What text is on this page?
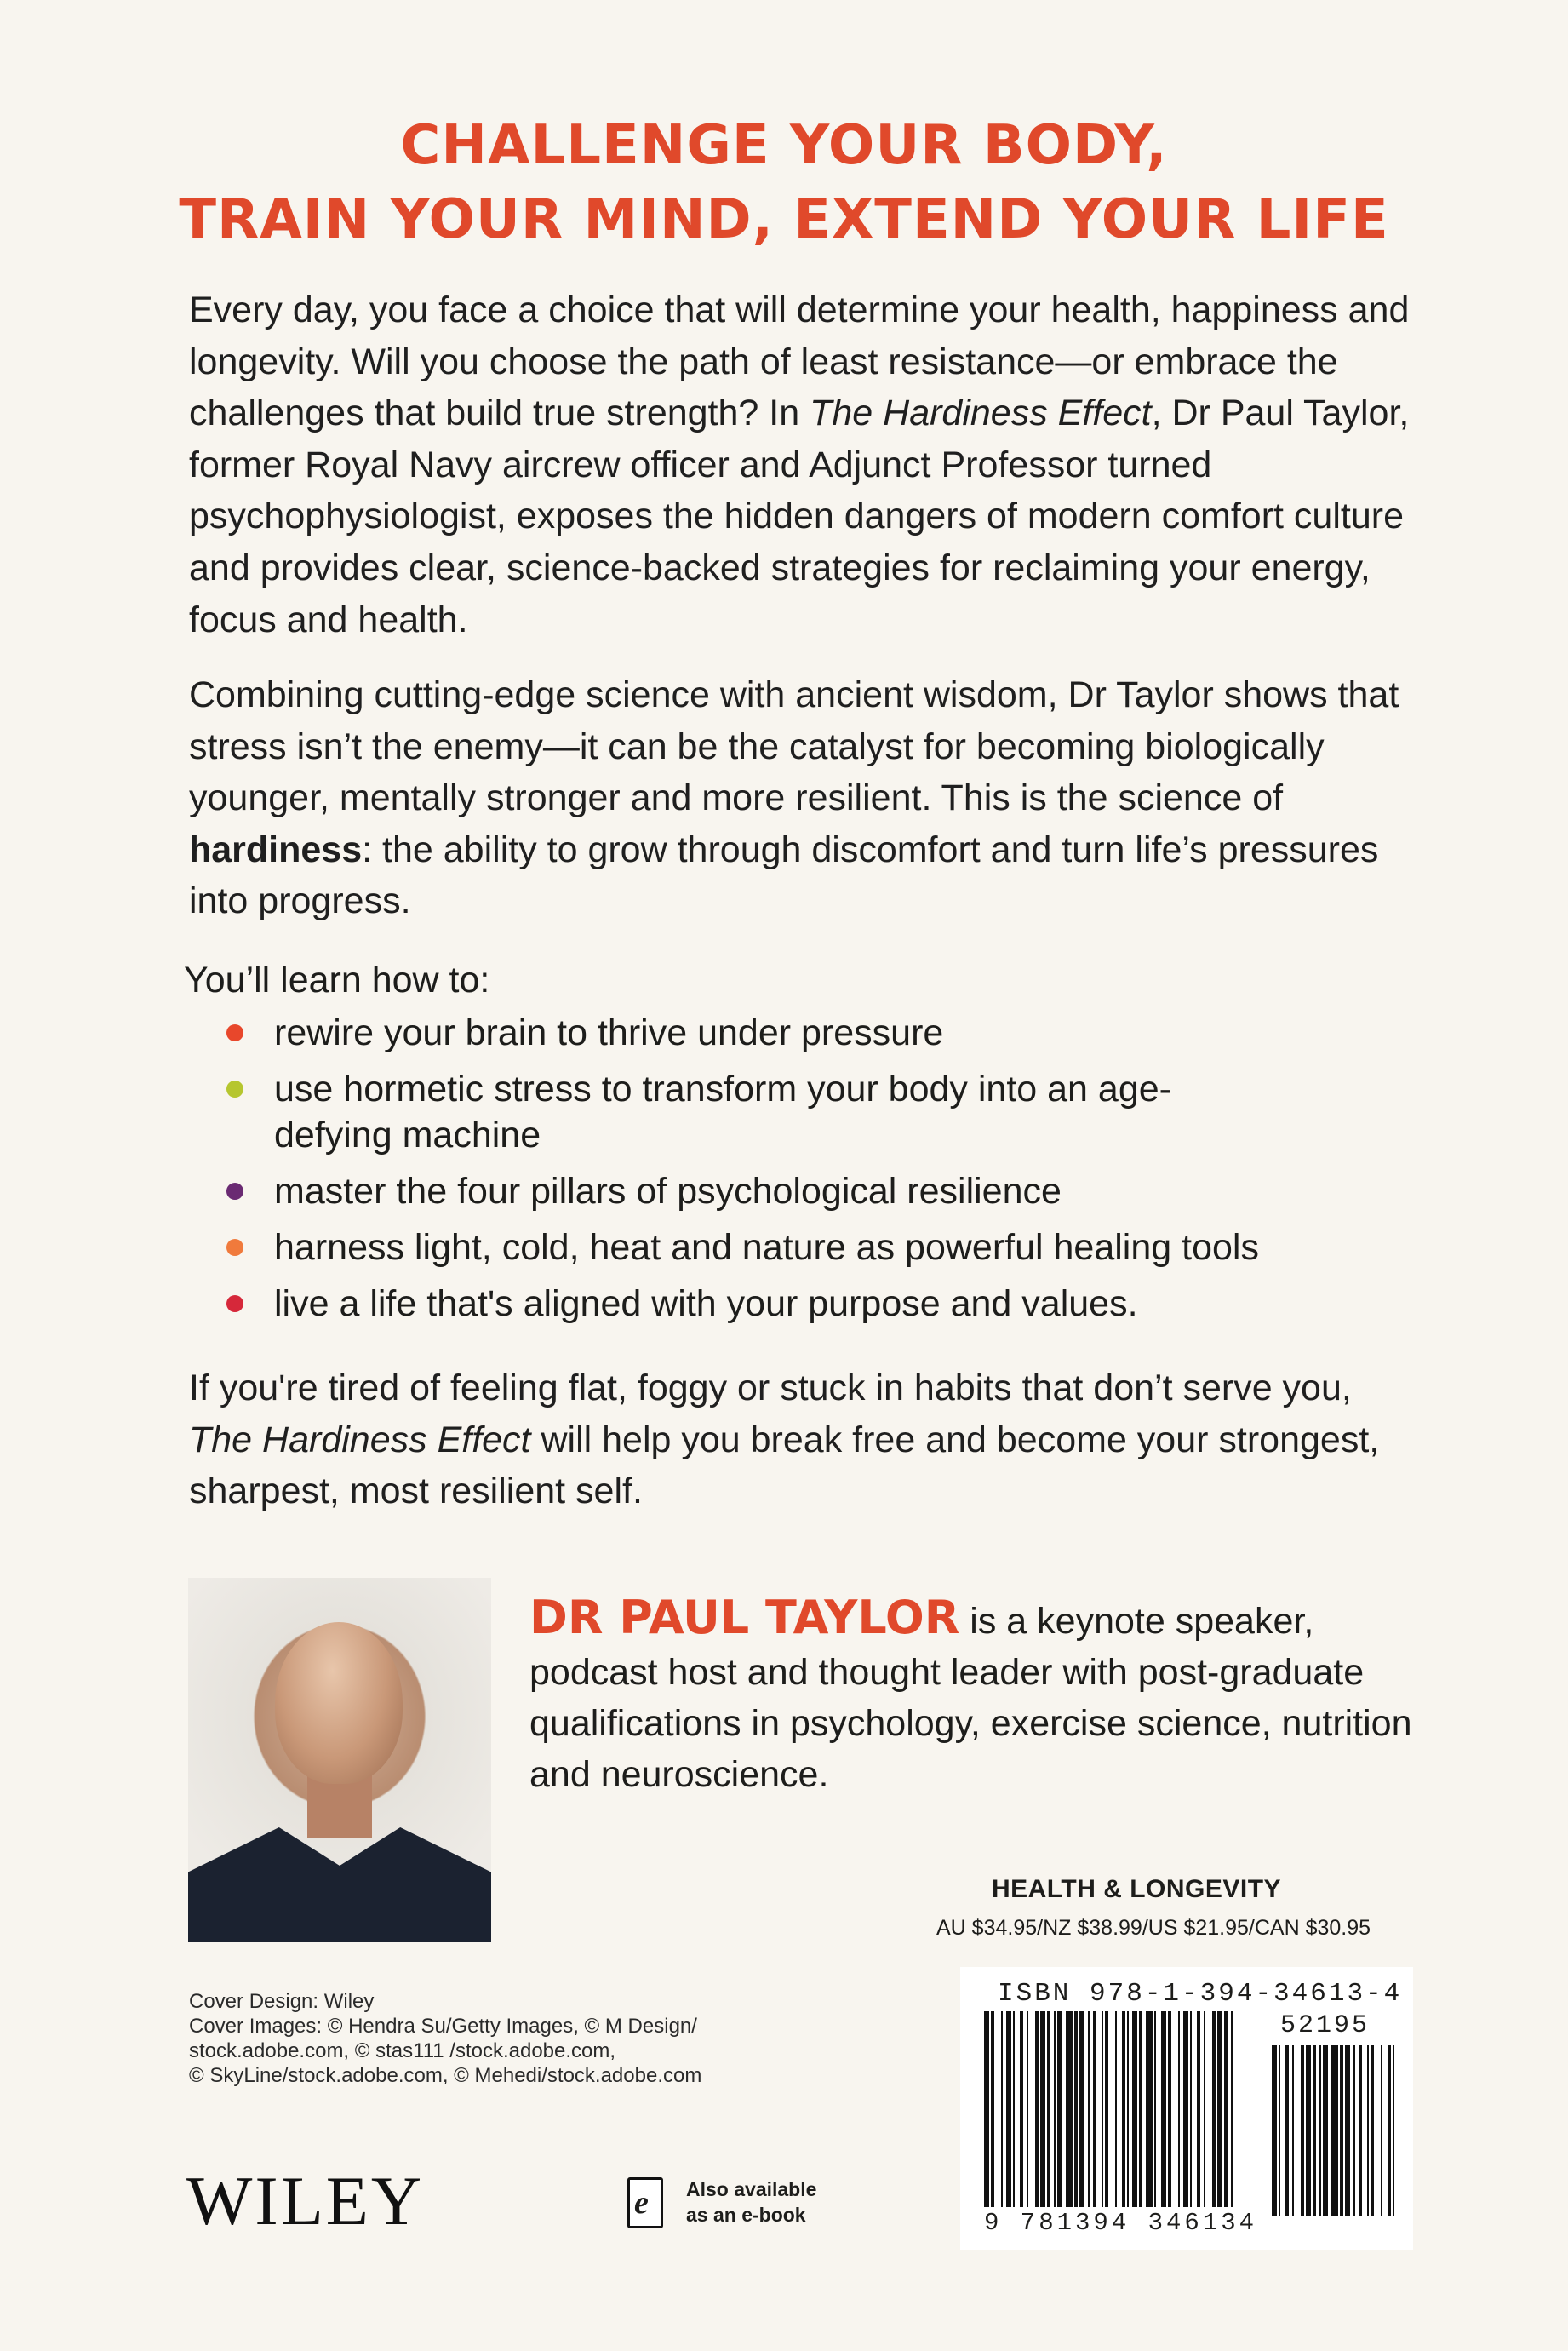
CHALLENGE YOUR BODY,
TRAIN YOUR MIND, EXTEND YOUR LIFE
Every day, you face a choice that will determine your health, happiness and longevity. Will you choose the path of least resistance—or embrace the challenges that build true strength? In The Hardiness Effect, Dr Paul Taylor, former Royal Navy aircrew officer and Adjunct Professor turned psychophysiologist, exposes the hidden dangers of modern comfort culture and provides clear, science-backed strategies for reclaiming your energy, focus and health.
Combining cutting-edge science with ancient wisdom, Dr Taylor shows that stress isn’t the enemy—it can be the catalyst for becoming biologically younger, mentally stronger and more resilient. This is the science of hardiness: the ability to grow through discomfort and turn life’s pressures into progress.
You’ll learn how to:
rewire your brain to thrive under pressure
use hormetic stress to transform your body into an age-defying machine
master the four pillars of psychological resilience
harness light, cold, heat and nature as powerful healing tools
live a life that's aligned with your purpose and values.
If you're tired of feeling flat, foggy or stuck in habits that don’t serve you, The Hardiness Effect will help you break free and become your strongest, sharpest, most resilient self.
DR PAUL TAYLOR is a keynote speaker, podcast host and thought leader with post-graduate qualifications in psychology, exercise science, nutrition and neuroscience.
HEALTH & LONGEVITY
AU $34.95/NZ $38.99/US $21.95/CAN $30.95
Cover Design: Wiley
Cover Images: © Hendra Su/Getty Images, © M Design/
stock.adobe.com, © stas111 /stock.adobe.com,
© SkyLine/stock.adobe.com, © Mehedi/stock.adobe.com
WILEY	e Also available
as an e-book
ISBN 978-1-394-34613-4
52195
9 781394 346134
